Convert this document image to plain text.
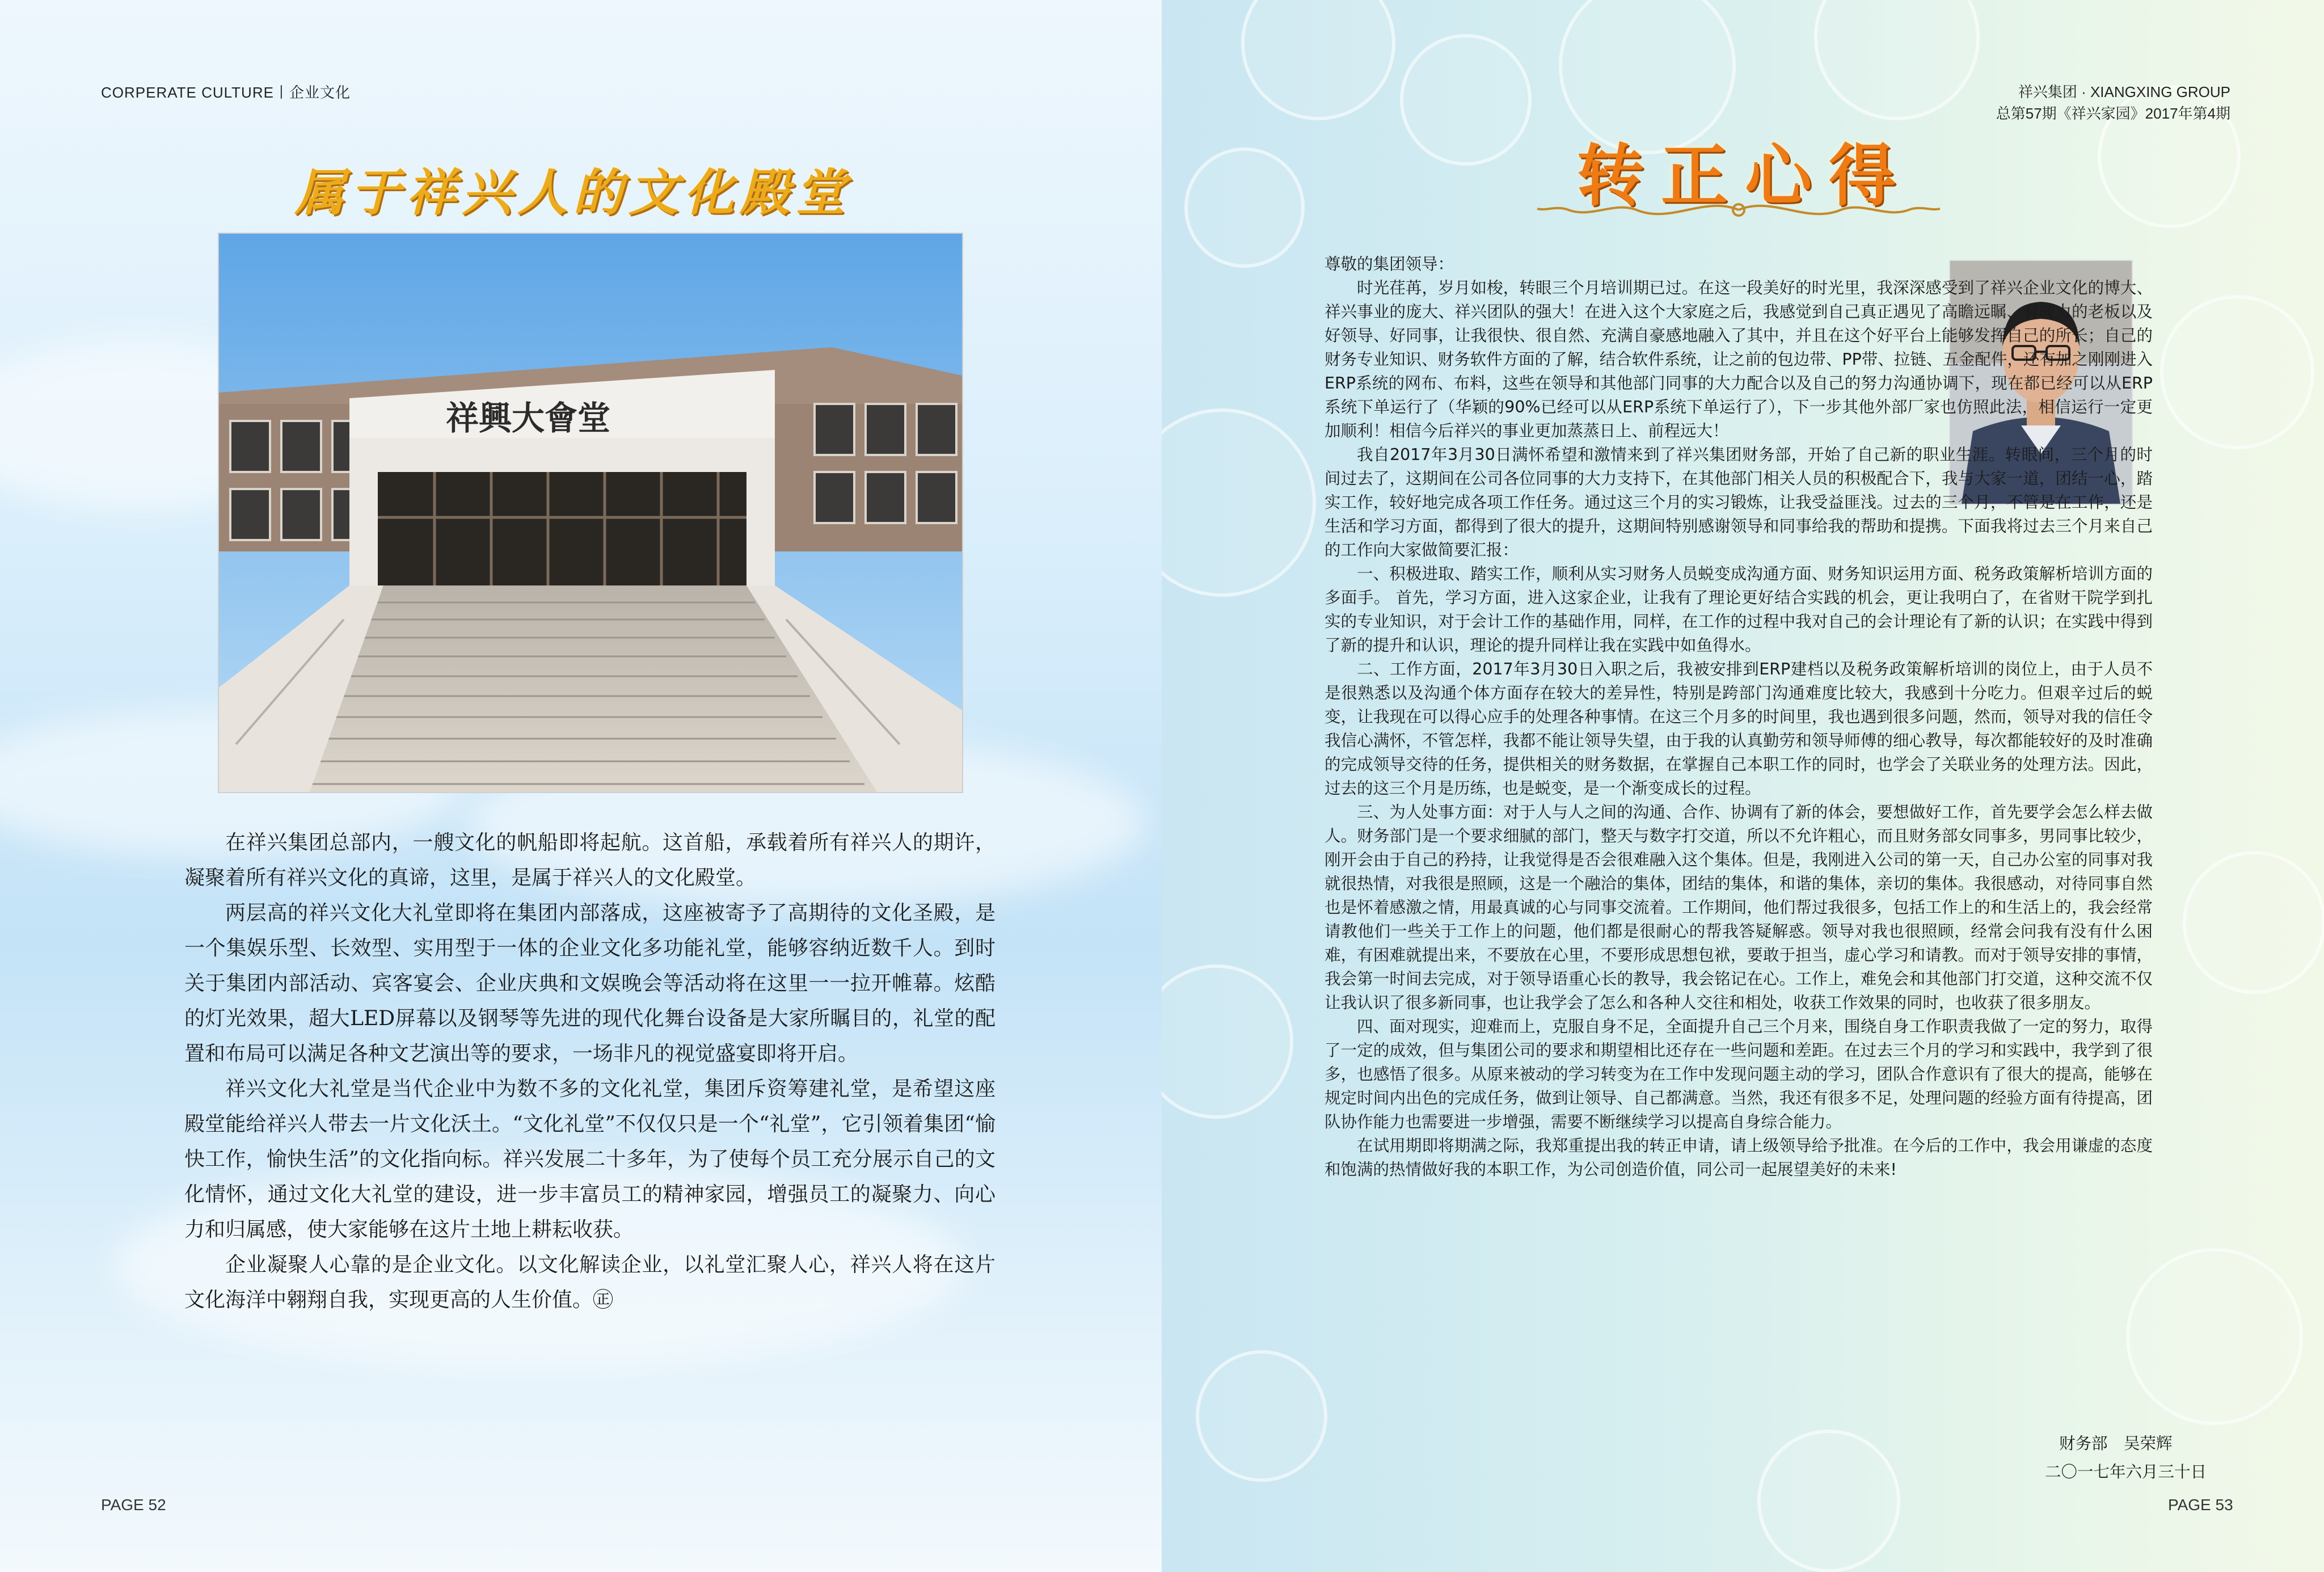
CORPERATE CULTURE丨企业文化
属于祥兴人的文化殿堂
祥興大會堂

在祥兴集团总部内，一艘文化的帆船即将起航。这首船，承载着所有祥兴人的期许，凝聚着所有祥兴文化的真谛，这里，是属于祥兴人的文化殿堂。

两层高的祥兴文化大礼堂即将在集团内部落成，这座被寄予了高期待的文化圣殿，是一个集娱乐型、长效型、实用型于一体的企业文化多功能礼堂，能够容纳近数千人。到时关于集团内部活动、宾客宴会、企业庆典和文娱晚会等活动将在这里一一拉开帷幕。炫酷的灯光效果，超大LED屏幕以及钢琴等先进的现代化舞台设备是大家所瞩目的，礼堂的配置和布局可以满足各种文艺演出等的要求，一场非凡的视觉盛宴即将开启。

祥兴文化大礼堂是当代企业中为数不多的文化礼堂，集团斥资筹建礼堂，是希望这座殿堂能给祥兴人带去一片文化沃土。“文化礼堂”不仅仅只是一个“礼堂”，它引领着集团“愉快工作，愉快生活”的文化指向标。祥兴发展二十多年，为了使每个员工充分展示自己的文化情怀，通过文化大礼堂的建设，进一步丰富员工的精神家园，增强员工的凝聚力、向心力和归属感，使大家能够在这片土地上耕耘收获。

企业凝聚人心靠的是企业文化。以文化解读企业，以礼堂汇聚人心，祥兴人将在这片文化海洋中翱翔自我，实现更高的人生价值。㊣

PAGE 52
祥兴集团 · XIANGXING GROUP
总第57期《祥兴家园》2017年第4期
转正心得

尊敬的集团领导：

时光荏苒，岁月如梭，转眼三个月培训期已过。在这一段美好的时光里，我深深感受到了祥兴企业文化的博大、祥兴事业的庞大、祥兴团队的强大！在进入这个大家庭之后，我感觉到自己真正遇见了高瞻远瞩、有魄力的老板以及好领导、好同事，让我很快、很自然、充满自豪感地融入了其中，并且在这个好平台上能够发挥自己的所长；自己的财务专业知识、财务软件方面的了解，结合软件系统，让之前的包边带、PP带、拉链、五金配件，还有加之刚刚进入ERP系统的网布、布料，这些在领导和其他部门同事的大力配合以及自己的努力沟通协调下，现在都已经可以从ERP系统下单运行了（华颖的90%已经可以从ERP系统下单运行了），下一步其他外部厂家也仿照此法，相信运行一定更加顺利！相信今后祥兴的事业更加蒸蒸日上、前程远大！

我自2017年3月30日满怀希望和激情来到了祥兴集团财务部，开始了自己新的职业生涯。转眼间，三个月的时间过去了，这期间在公司各位同事的大力支持下，在其他部门相关人员的积极配合下，我与大家一道，团结一心，踏实工作，较好地完成各项工作任务。通过这三个月的实习锻炼，让我受益匪浅。过去的三个月，不管是在工作，还是生活和学习方面，都得到了很大的提升，这期间特别感谢领导和同事给我的帮助和提携。下面我将过去三个月来自己的工作向大家做简要汇报：

一、积极进取、踏实工作，顺利从实习财务人员蜕变成沟通方面、财务知识运用方面、税务政策解析培训方面的多面手。 首先，学习方面，进入这家企业，让我有了理论更好结合实践的机会，更让我明白了，在省财干院学到扎实的专业知识，对于会计工作的基础作用，同样，在工作的过程中我对自己的会计理论有了新的认识；在实践中得到了新的提升和认识，理论的提升同样让我在实践中如鱼得水。

二、工作方面，2017年3月30日入职之后，我被安排到ERP建档以及税务政策解析培训的岗位上，由于人员不是很熟悉以及沟通个体方面存在较大的差异性，特别是跨部门沟通难度比较大，我感到十分吃力。但艰辛过后的蜕变，让我现在可以得心应手的处理各种事情。在这三个月多的时间里，我也遇到很多问题，然而，领导对我的信任令我信心满怀，不管怎样，我都不能让领导失望，由于我的认真勤劳和领导师傅的细心教导，每次都能较好的及时准确的完成领导交待的任务，提供相关的财务数据，在掌握自己本职工作的同时，也学会了关联业务的处理方法。因此，过去的这三个月是历练，也是蜕变，是一个渐变成长的过程。

三、为人处事方面：对于人与人之间的沟通、合作、协调有了新的体会，要想做好工作，首先要学会怎么样去做人。财务部门是一个要求细腻的部门，整天与数字打交道，所以不允许粗心，而且财务部女同事多，男同事比较少，刚开会由于自己的矜持，让我觉得是否会很难融入这个集体。但是，我刚进入公司的第一天，自己办公室的同事对我就很热情，对我很是照顾，这是一个融洽的集体，团结的集体，和谐的集体，亲切的集体。我很感动，对待同事自然也是怀着感激之情，用最真诚的心与同事交流着。工作期间，他们帮过我很多，包括工作上的和生活上的，我会经常请教他们一些关于工作上的问题，他们都是很耐心的帮我答疑解惑。领导对我也很照顾，经常会问我有没有什么困难，有困难就提出来，不要放在心里，不要形成思想包袱，要敢于担当，虚心学习和请教。而对于领导安排的事情，我会第一时间去完成，对于领导语重心长的教导，我会铭记在心。工作上，难免会和其他部门打交道，这种交流不仅让我认识了很多新同事，也让我学会了怎么和各种人交往和相处，收获工作效果的同时，也收获了很多朋友。

四、面对现实，迎难而上，克服自身不足，全面提升自己三个月来，围绕自身工作职责我做了一定的努力，取得了一定的成效，但与集团公司的要求和期望相比还存在一些问题和差距。在过去三个月的学习和实践中，我学到了很多，也感悟了很多。从原来被动的学习转变为在工作中发现问题主动的学习，团队合作意识有了很大的提高，能够在规定时间内出色的完成任务，做到让领导、自己都满意。当然，我还有很多不足，处理问题的经验方面有待提高，团队协作能力也需要进一步增强，需要不断继续学习以提高自身综合能力。

在试用期即将期满之际，我郑重提出我的转正申请，请上级领导给予批准。在今后的工作中，我会用谦虚的态度和饱满的热情做好我的本职工作，为公司创造价值，同公司一起展望美好的未来!

财务部　吴荣辉
二〇一七年六月三十日
PAGE 53
